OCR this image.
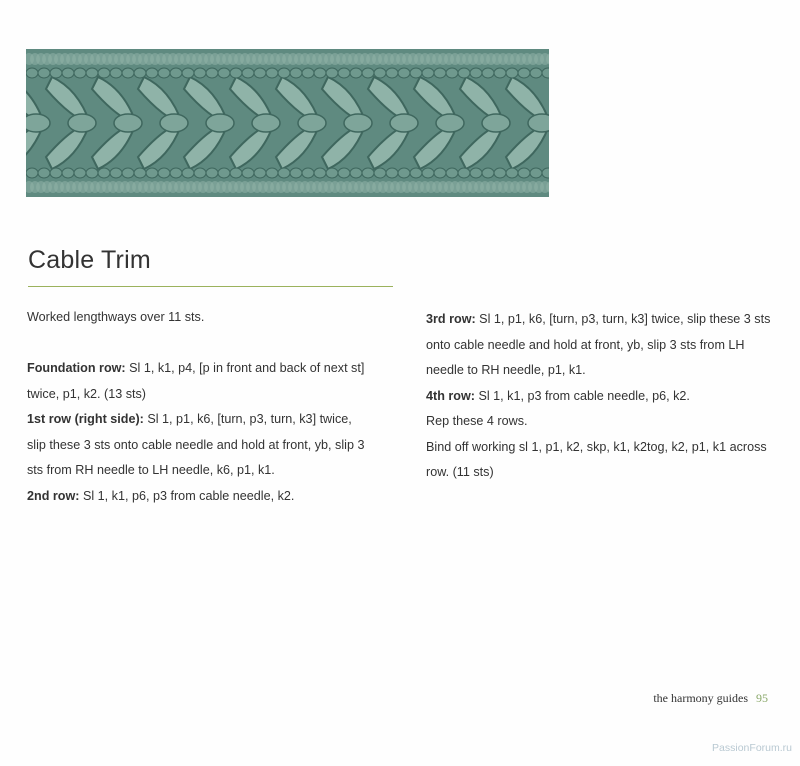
Cable Trim

Worked lengthways over 11 sts.

Foundation row: Sl 1, k1, p4, [p in front and back of next st] twice, p1, k2. (13 sts)

1st row (right side): Sl 1, p1, k6, [turn, p3, turn, k3] twice, slip these 3 sts onto cable needle and hold at front, yb, slip 3 sts from RH needle to LH needle, k6, p1, k1.

2nd row: Sl 1, k1, p6, p3 from cable needle, k2.

3rd row: Sl 1, p1, k6, [turn, p3, turn, k3] twice, slip these 3 sts onto cable needle and hold at front, yb, slip 3 sts from LH needle to RH needle, p1, k1.

4th row: Sl 1, k1, p3 from cable needle, p6, k2.

Rep these 4 rows.

Bind off working sl 1, p1, k2, skp, k1, k2tog, k2, p1, k1 across row. (11 sts)

the harmony guides 95
PassionForum.ru
